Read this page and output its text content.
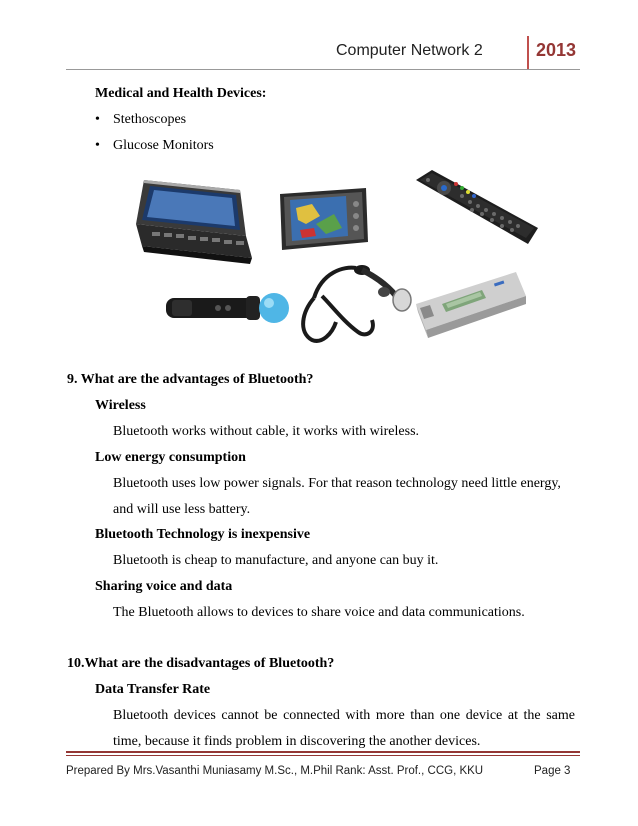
Computer Network 2	2013
Medical and Health Devices:
• Stethoscopes
• Glucose Monitors
9. What are the advantages of Bluetooth?
Wireless
Bluetooth works without cable, it works with wireless.
Low energy consumption
Bluetooth uses low power signals. For that reason technology need little energy,
and will use less battery.
Bluetooth Technology is inexpensive
Bluetooth is cheap to manufacture, and anyone can buy it.
Sharing voice and data
The Bluetooth allows to devices to share voice and data communications.
10.What are the disadvantages of Bluetooth?
Data Transfer Rate
Bluetooth devices cannot be connected with more than one device at the same
time, because it finds problem in discovering the another devices.
Prepared By Mrs.Vasanthi Muniasamy M.Sc., M.Phil Rank: Asst. Prof., CCG, KKU	Page 3
